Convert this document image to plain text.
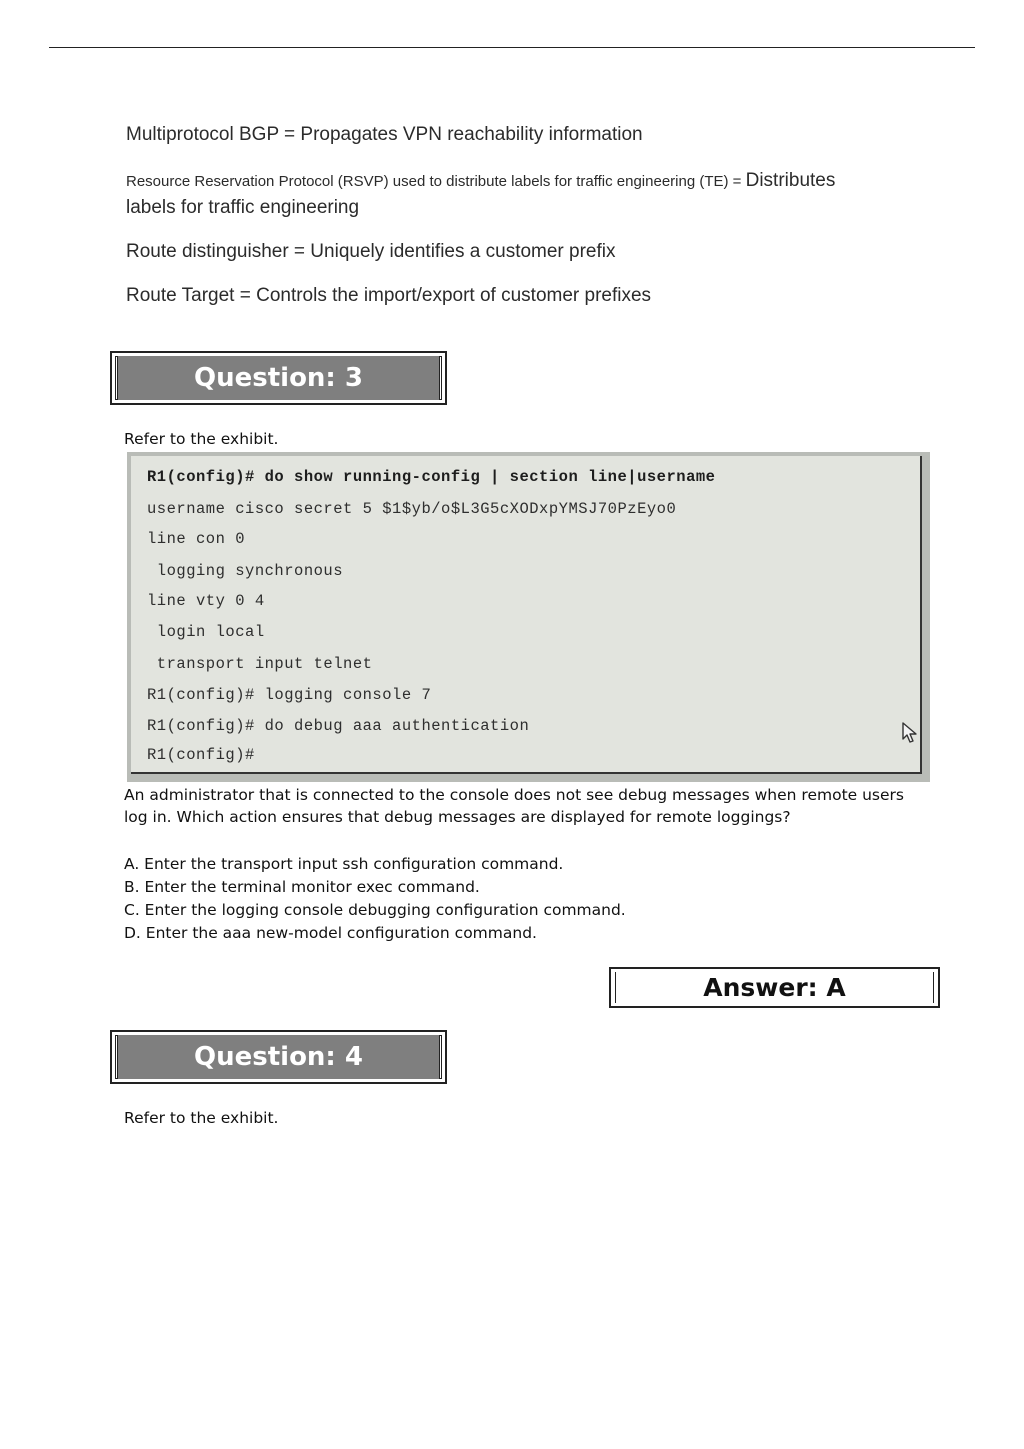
Multiprotocol BGP = Propagates VPN reachability information
Resource Reservation Protocol (RSVP) used to distribute labels for traffic engineering (TE) = Distributes
labels for traffic engineering
Route distinguisher = Uniquely identifies a customer prefix
Route Target = Controls the import/export of customer prefixes
Question: 3
Refer to the exhibit.
R1(config)# do show running-config | section line|username
username cisco secret 5 $1$yb/o$L3G5cXODxpYMSJ70PzEyo0
line con 0
logging synchronous
line vty 0 4
login local
transport input telnet
R1(config)# logging console 7
R1(config)# do debug aaa authentication
R1(config)#
An administrator that is connected to the console does not see debug messages when remote users
log in. Which action ensures that debug messages are displayed for remote loggings?
A. Enter the transport input ssh configuration command.
B. Enter the terminal monitor exec command.
C. Enter the logging console debugging configuration command.
D. Enter the aaa new-model configuration command.
Answer: A
Question: 4
Refer to the exhibit.
